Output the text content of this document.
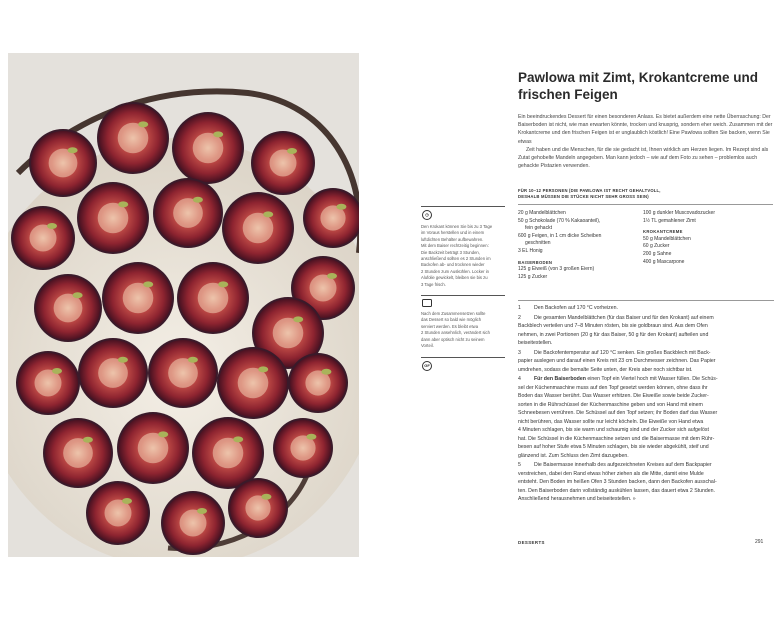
Pawlowa mit Zimt, Krokantcreme und frischen Feigen

Ein beeindruckendes Dessert für einen besonderen Anlass. Es bietet außerdem eine nette Überraschung: Der Baiserboden ist nicht, wie man erwarten könnte, trocken und knusprig, sondern eher weich. Zusammen mit der Krokantcreme und den frischen Feigen ist er unglaublich köstlich! Eine Pawlowa sollten Sie backen, wenn Sie etwas

Zeit haben und die Menschen, für die sie gedacht ist, Ihnen wirklich am Herzen liegen. Im Rezept sind als Zutat gehobelte Mandeln angegeben. Man kann jedoch – wie auf dem Foto zu sehen – problemlos auch gehackte Pistazien verwenden.

◷
Den Krokant können Sie bis zu 3 Tage
im Voraus herstellen und in einem
luftdichten Behälter aufbewahren.
Mit dem Baiser rechtzeitig beginnen:
Die Backzeit beträgt 3 Stunden,
anschließend sollten es 2 Stunden im
Backofen ab- und trocknen wieder
2 Stunden zum Auskühlen. Locker in
Alufolie gewickelt, bleiben sie bis zu
3 Tage frisch.
Nach dem Zusammensetzen sollte
das Dessert so bald wie möglich
serviert werden. Es bleibt etwa
2 Stunden ansehnlich, verändert sich
dann aber optisch nicht zu seinem
Vorteil.
GF
FÜR 10–12 PERSONEN (DIE PAWLOWA IST RECHT GEHALTVOLL,
DESHALB MÜSSEN DIE STÜCKE NICHT SEHR GROSS SEIN)
20 g Mandelblättchen
50 g Schokolade (70 % Kakaoanteil),
fein gehackt
600 g Feigen, in 1 cm dicke Scheiben
geschnitten
3 EL Honig
BAISERBODEN
125 g Eiweiß (von 3 großen Eiern)
125 g Zucker
100 g dunkler Muscovadozucker
1½ TL gemahlener Zimt
KROKANTCREME
50 g Mandelblättchen
60 g Zucker
200 g Sahne
400 g Mascarpone
1	Den Backofen auf 170 °C vorheizen.
2	Die gesamten Mandelblättchen (für das Baiser und für den Krokant) auf einem
Backblech verteilen und 7–8 Minuten rösten, bis sie goldbraun sind. Aus dem Ofen
nehmen, in zwei Portionen (20 g für das Baiser, 50 g für den Krokant) aufteilen und
beiseitestellen.
3	Die Backofentemperatur auf 120 °C senken. Ein großes Backblech mit Back-
papier auslegen und darauf einen Kreis mit 23 cm Durchmesser zeichnen. Das Papier
umdrehen, sodass die bemalte Seite unten, der Kreis aber noch sichtbar ist.
4	Für den Baiserboden einen Topf ein Viertel hoch mit Wasser füllen. Die Schüs-
sel der Küchenmaschine muss auf den Topf gesetzt werden können, ohne dass ihr
Boden das Wasser berührt. Das Wasser erhitzen. Die Eiweiße sowie beide Zucker-
sorten in die Rührschüssel der Küchenmaschine geben und von Hand mit einem
Schneebesen verrühren. Die Schüssel auf den Topf setzen; ihr Boden darf das Wasser
nicht berühren, das Wasser sollte nur leicht köcheln. Die Eiweiße von Hand etwa
4 Minuten schlagen, bis sie warm und schaumig sind und der Zucker sich aufgelöst
hat. Die Schüssel in die Küchenmaschine setzen und die Baisermasse mit dem Rühr-
besen auf hoher Stufe etwa 5 Minuten schlagen, bis sie wieder abgekühlt, steif und
glänzend ist. Zum Schluss den Zimt dazugeben.
5	Die Baisermasse innerhalb des aufgezeichneten Kreises auf dem Backpapier
verstreichen, dabei den Rand etwas höher ziehen als die Mitte, damit eine Mulde
entsteht. Den Boden im heißen Ofen 3 Stunden backen, dann den Backofen ausschal-
ten. Den Baiserboden darin vollständig auskühlen lassen, das dauert etwa 2 Stunden.
Anschließend herausnehmen und beiseitestellen. »
DESSERTS	291
